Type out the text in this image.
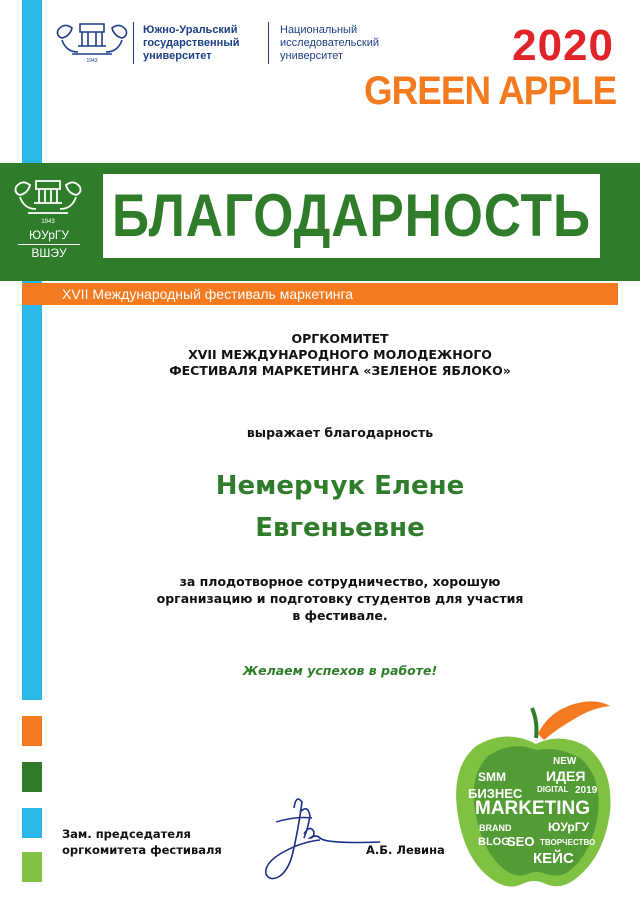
1943
Южно-Уральский
государственный
университет
Национальный
исследовательский
университет	2020
GREEN APPLE
1943
ЮУрГУ
ВШЭУ
БЛАГОДАРНОСТЬ
XVII Международный фестиваль маркетинга
ОРГКОМИТЕТ
XVII МЕЖДУНАРОДНОГО МОЛОДЕЖНОГО
ФЕСТИВАЛЯ МАРКЕТИНГА «ЗЕЛЕНОЕ ЯБЛОКО»
выражает благодарность
Немерчук Елене
Евгеньевне
за плодотворное сотрудничество, хорошую
организацию и подготовку студентов для участия
в фестивале.
Желаем успехов в работе!
Зам. председателя
оргкомитета фестиваля	А.Б. Левина
SMM
NEW
ИДЕЯ
БИЗНЕС DIGITAL 2019
MARKETING
BRAND	ЮУрГУ
BLOG
SEO ТВОРЧЕСТВО
КЕЙС
